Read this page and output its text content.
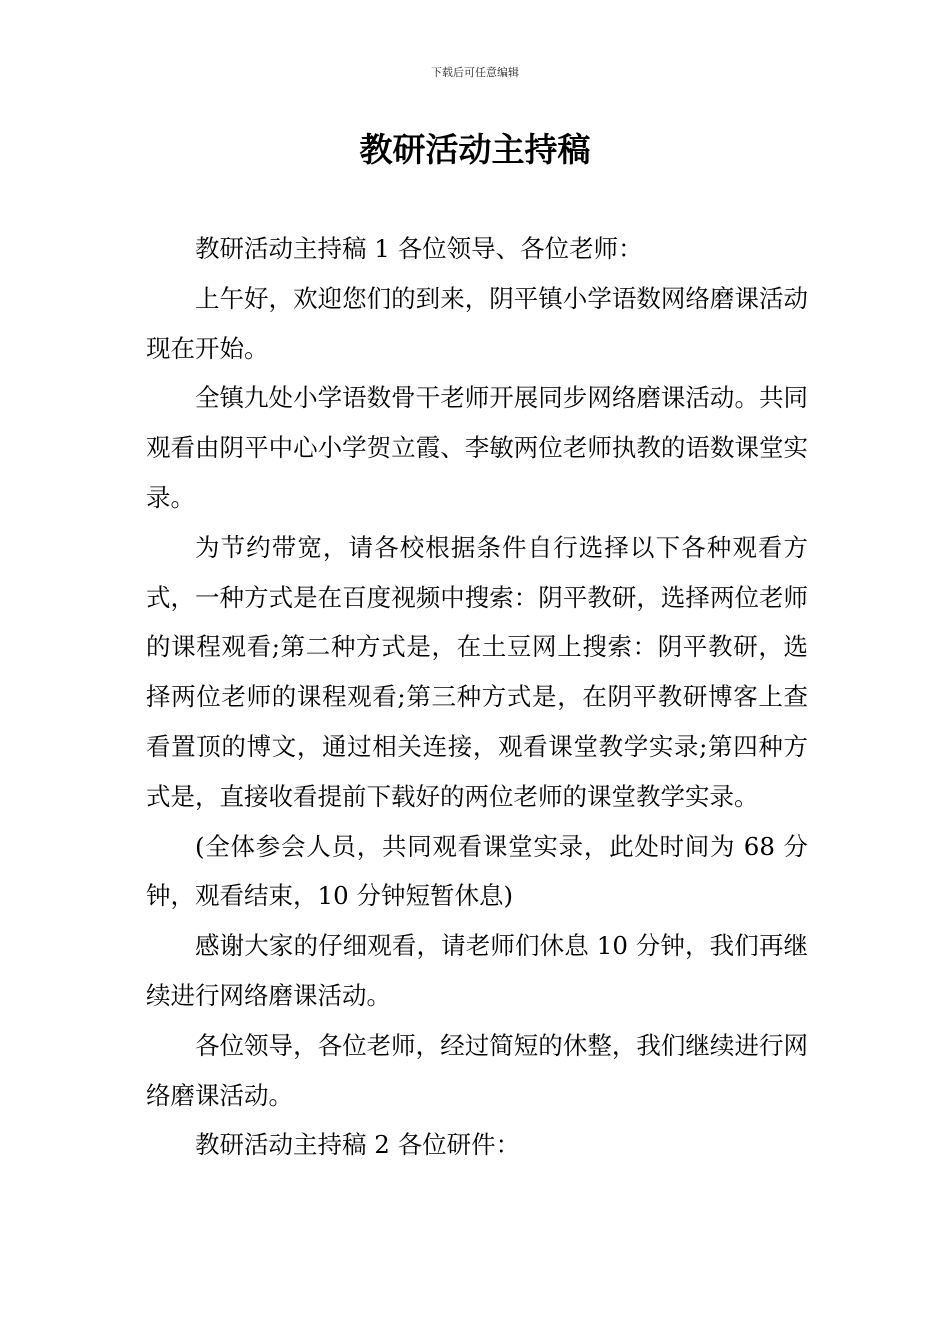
下载后可任意编辑
教研活动主持稿

教研活动主持稿 1 各位领导、各位老师：

上午好，欢迎您们的到来，阴平镇小学语数网络磨课活动现在开始。

全镇九处小学语数骨干老师开展同步网络磨课活动。共同观看由阴平中心小学贺立霞、李敏两位老师执教的语数课堂实录。

为节约带宽，请各校根据条件自行选择以下各种观看方式，一种方式是在百度视频中搜索：阴平教研，选择两位老师的课程观看;第二种方式是，在土豆网上搜索：阴平教研，选择两位老师的课程观看;第三种方式是，在阴平教研博客上查看置顶的博文，通过相关连接，观看课堂教学实录;第四种方式是，直接收看提前下载好的两位老师的课堂教学实录。

(全体参会人员，共同观看课堂实录，此处时间为 68 分钟，观看结束，10 分钟短暂休息)

感谢大家的仔细观看，请老师们休息 10 分钟，我们再继续进行网络磨课活动。

各位领导，各位老师，经过简短的休整，我们继续进行网络磨课活动。

教研活动主持稿 2 各位研件：
